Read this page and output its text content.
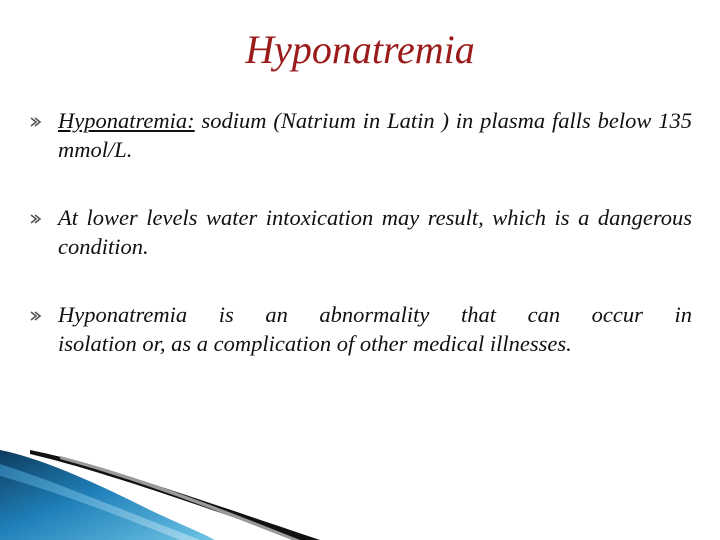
Hyponatremia
Hyponatremia: sodium (Natrium in Latin ) in plasma falls below 135 mmol/L.
At lower levels water intoxication may result, which is a dangerous condition.
Hyponatremia is an abnormality that can occur in
isolation or, as a complication of other medical illnesses.
